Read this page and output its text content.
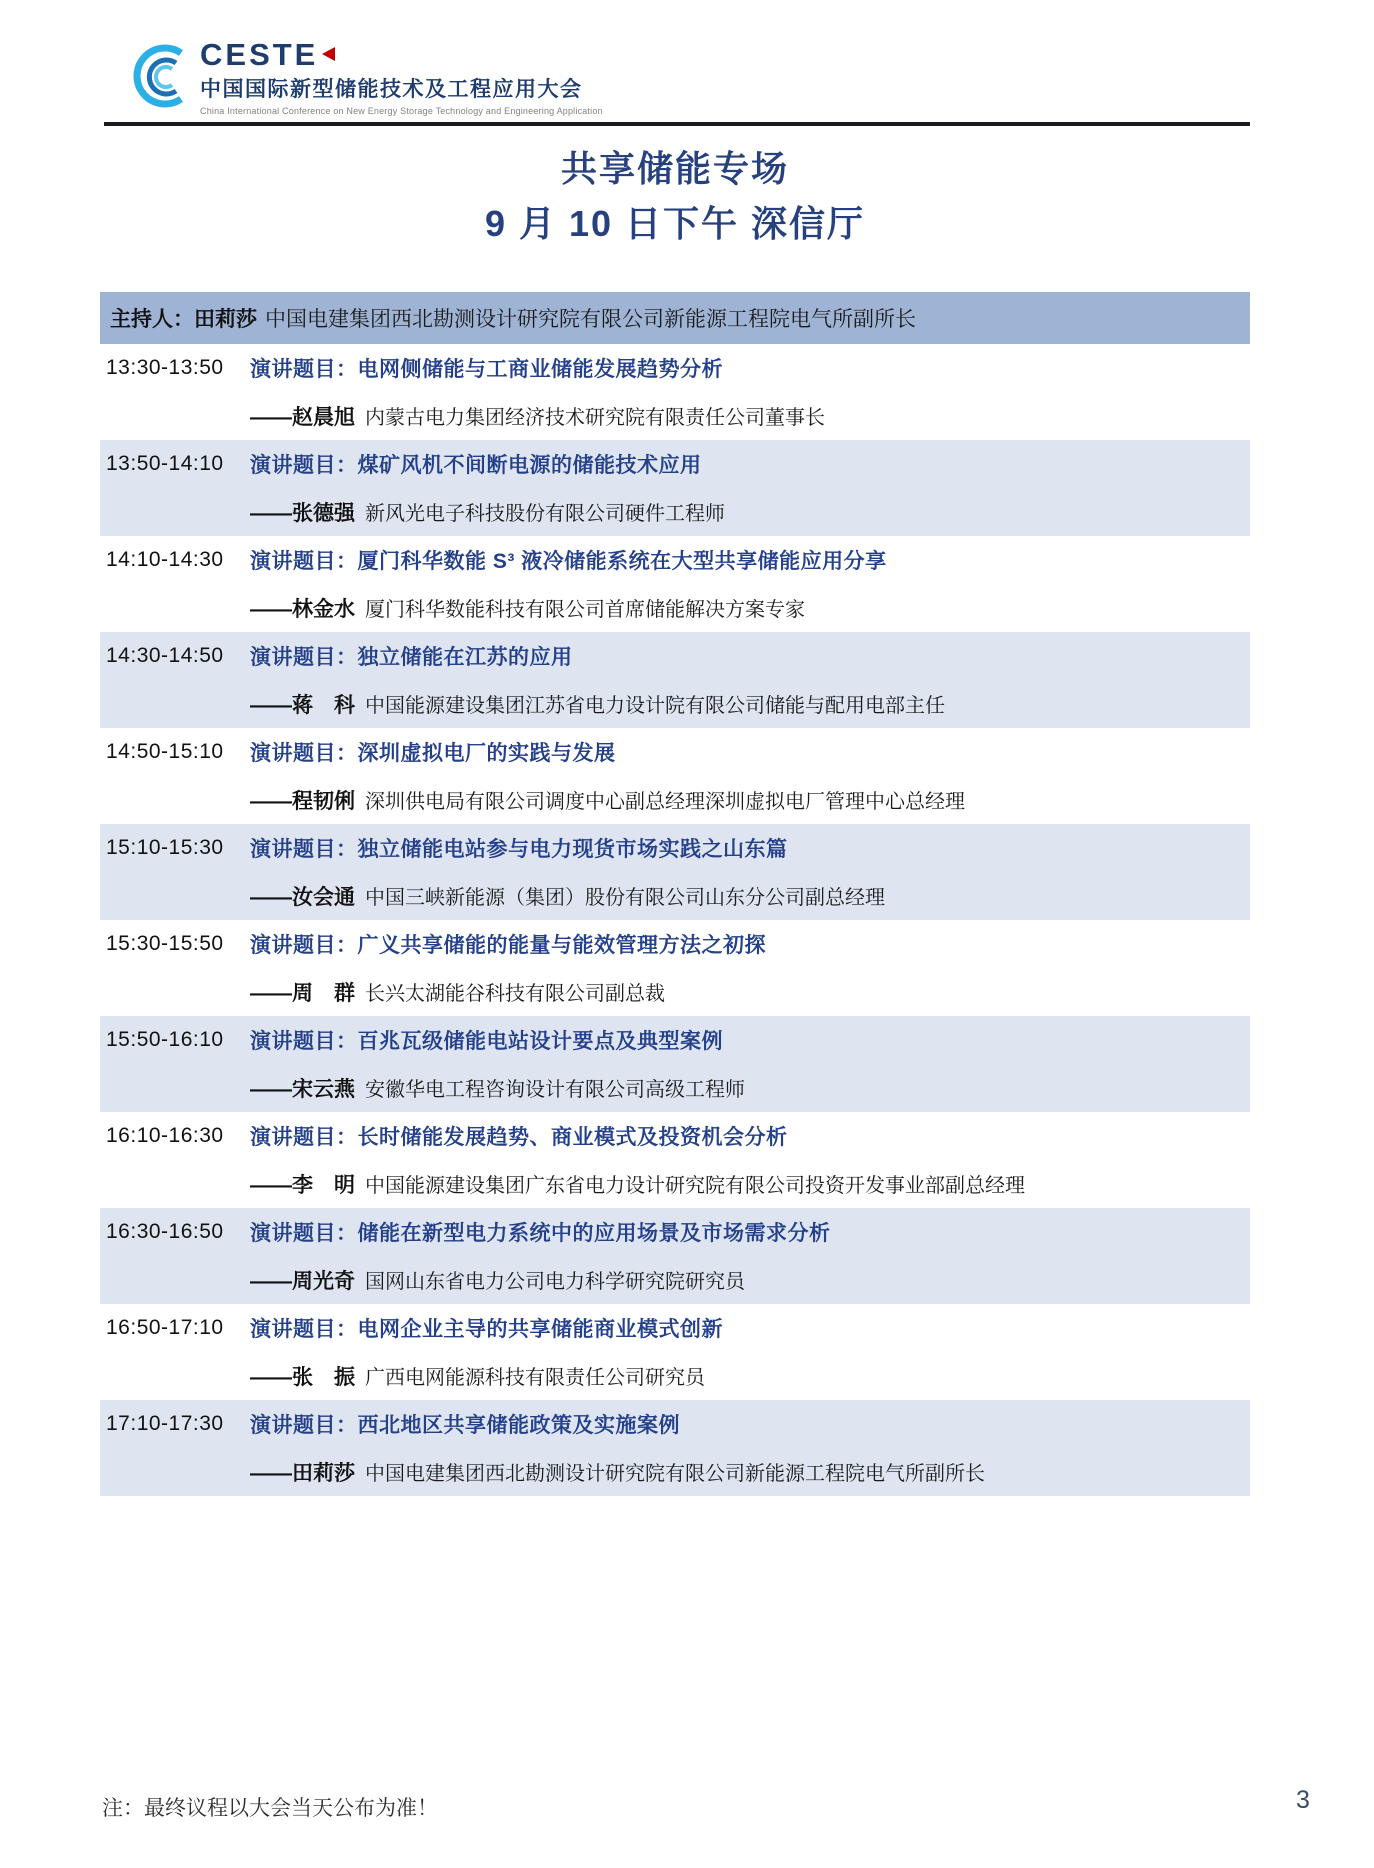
CESTE
中国国际新型储能技术及工程应用大会
China International Conference on New Energy Storage Technology and Engineering Application
共享储能专场
9 月 10 日下午 深信厅
主持人：田莉莎 中国电建集团西北勘测设计研究院有限公司新能源工程院电气所副所长
13:30-13:50	演讲题目：电网侧储能与工商业储能发展趋势分析
——赵晨旭 内蒙古电力集团经济技术研究院有限责任公司董事长
13:50-14:10	演讲题目：煤矿风机不间断电源的储能技术应用
——张德强 新风光电子科技股份有限公司硬件工程师
14:10-14:30	演讲题目：厦门科华数能 S³ 液冷储能系统在大型共享储能应用分享
——林金水 厦门科华数能科技有限公司首席储能解决方案专家
14:30-14:50	演讲题目：独立储能在江苏的应用
——蒋　科 中国能源建设集团江苏省电力设计院有限公司储能与配用电部主任
14:50-15:10	演讲题目：深圳虚拟电厂的实践与发展
——程韧俐 深圳供电局有限公司调度中心副总经理深圳虚拟电厂管理中心总经理
15:10-15:30	演讲题目：独立储能电站参与电力现货市场实践之山东篇
——汝会通 中国三峡新能源（集团）股份有限公司山东分公司副总经理
15:30-15:50	演讲题目：广义共享储能的能量与能效管理方法之初探
——周　群 长兴太湖能谷科技有限公司副总裁
15:50-16:10	演讲题目：百兆瓦级储能电站设计要点及典型案例
——宋云燕 安徽华电工程咨询设计有限公司高级工程师
16:10-16:30	演讲题目：长时储能发展趋势、商业模式及投资机会分析
——李　明 中国能源建设集团广东省电力设计研究院有限公司投资开发事业部副总经理
16:30-16:50	演讲题目：储能在新型电力系统中的应用场景及市场需求分析
——周光奇 国网山东省电力公司电力科学研究院研究员
16:50-17:10	演讲题目：电网企业主导的共享储能商业模式创新
——张　振 广西电网能源科技有限责任公司研究员
17:10-17:30	演讲题目：西北地区共享储能政策及实施案例
——田莉莎 中国电建集团西北勘测设计研究院有限公司新能源工程院电气所副所长
注：最终议程以大会当天公布为准！	3
